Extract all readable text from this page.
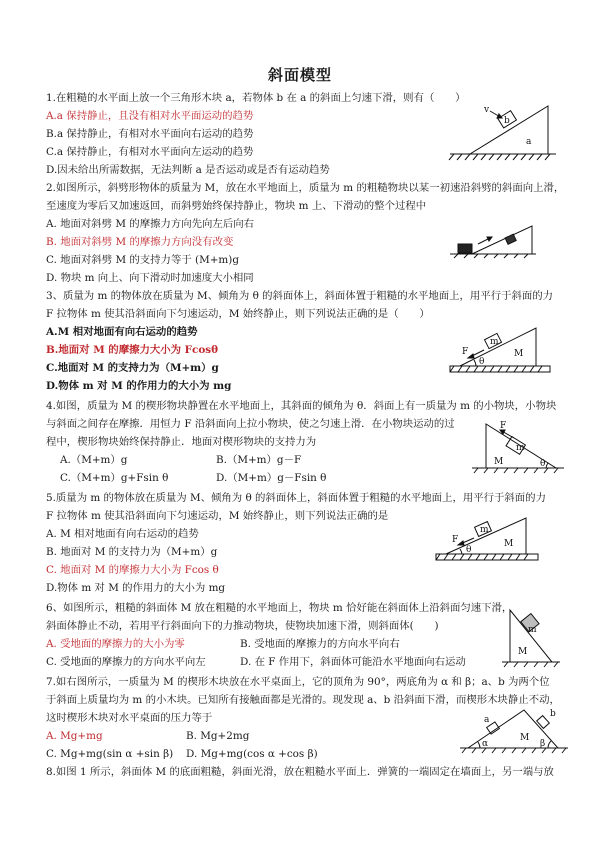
斜面模型
1.在粗糙的水平面上放一个三角形木块 a，若物体 b 在 a 的斜面上匀速下滑，则有（　　）
A.a 保持静止，且没有相对水平面运动的趋势
B.a 保持静止，有相对水平面向右运动的趋势
C.a 保持静止，有相对水平面向左运动的趋势
D.因未给出所需数据，无法判断 a 是否运动或是否有运动趋势
v
b
a
2.如图所示，斜劈形物体的质量为 M，放在水平地面上，质量为 m 的粗糙物块以某一初速沿斜劈的斜面向上滑，
至速度为零后又加速返回，而斜劈始终保持静止，物块 m 上、下滑动的整个过程中
A. 地面对斜劈 M 的摩擦力方向先向左后向右
B. 地面对斜劈 M 的摩擦力方向没有改变
C. 地面对斜劈 M 的支持力等于 (M+m)g
D. 物块 m 向上、向下滑动时加速度大小相同
3、质量为 m 的物体放在质量为 M、倾角为 θ 的斜面体上，斜面体置于粗糙的水平地面上，用平行于斜面的力
F 拉物体 m 使其沿斜面向下匀速运动，M 始终静止，则下列说法正确的是（　　）
A.M 相对地面有向右运动的趋势
B.地面对 M 的摩擦力大小为 Fcosθ
C.地面对 M 的支持力为（M+m）g
D.物体 m 对 M 的作用力的大小为 mg
F
m
M
θ
4.如图，质量为 M 的楔形物块静置在水平地面上，其斜面的倾角为 θ．斜面上有一质量为 m 的小物块，小物块
与斜面之间存在摩擦．用恒力 F 沿斜面向上拉小物块，使之匀速上滑．在小物块运动的过
程中，楔形物块始终保持静止．地面对楔形物块的支持力为
A.（M+m）g	B.（M+m）g－F
C.（M+m）g+Fsin θ	D.（M+m）g－Fsin θ
F
m
M	θ
5.质量为 m 的物体放在质量为 M、倾角为 θ 的斜面体上，斜面体置于粗糙的水平地面上，用平行于斜面的力
F 拉物体 m 使其沿斜面向下匀速运动，M 始终静止，则下列说法正确的是
A. M 相对地面有向右运动的趋势
B. 地面对 M 的支持力为（M+m）g
C. 地面对 M 的摩擦力大小为 Fcos θ
D.物体 m 对 M 的作用力的大小为 mg
F
m
M
θ
6、如图所示，粗糙的斜面体 M 放在粗糙的水平地面上，物块 m 恰好能在斜面体上沿斜面匀速下滑，
斜面体静止不动，若用平行斜面向下的力推动物块，使物块加速下滑，则斜面体(　　)
A. 受地面的摩擦力的大小为零	B. 受地面的摩擦力的方向水平向右
C. 受地面的摩擦力的方向水平向左	D. 在 F 作用下，斜面体可能沿水平地面向右运动
m
M
7.如右图所示，一质量为 M 的楔形木块放在水平桌面上，它的顶角为 90°，两底角为 α 和 β；a、b 为两个位
于斜面上质量均为 m 的小木块。已知所有接触面都是光滑的。现发现 a、b 沿斜面下滑，而楔形木块静止不动，
这时楔形木块对水平桌面的压力等于
A. Mg+mg	B. Mg+2mg
C. Mg+mg(sin α +sin β) D. Mg+mg(cos α +cos β)
a
b
M
α	β
8.如图 1 所示，斜面体 M 的底面粗糙，斜面光滑，放在粗糙水平面上．弹簧的一端固定在墙面上，另一端与放
